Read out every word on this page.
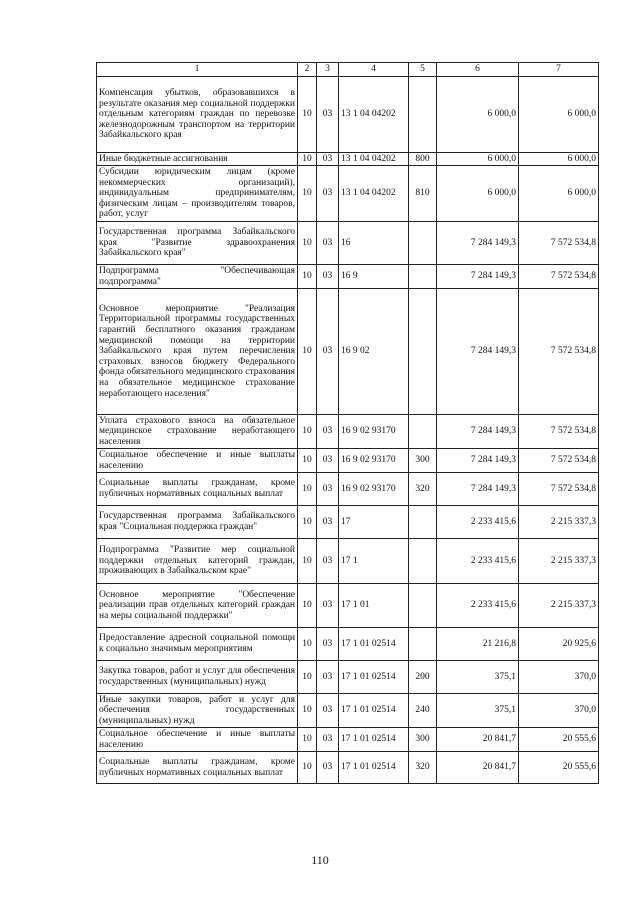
1	2	3	4	5	6	7
Компенсация убытков, образовавшихся в результате оказания мер социальной поддержки отдельным категориям граждан по перевозке железнодорожным транспортом на территории Забайкальского края	10	03	13 1 04 04202		6 000,0	6 000,0
Иные бюджетные ассигнования	10	03	13 1 04 04202	800	6 000,0	6 000,0
Субсидии юридическим лицам (кроме некоммерческих организаций), индивидуальным предпринимателям, физическим лицам – производителям товаров, работ, услуг	10	03	13 1 04 04202	810	6 000,0	6 000,0
Государственная программа Забайкальского края "Развитие здравоохранения Забайкальского края"	10	03	16		7 284 149,3	7 572 534,8
Подпрограмма "Обеспечивающая подпрограмма"	10	03	16 9		7 284 149,3	7 572 534,8
Основное мероприятие "Реализация Территориальной программы государственных гарантий бесплатного оказания гражданам медицинской помощи на территории Забайкальского края путем перечисления страховых взносов бюджету Федерального фонда обязательного медицинского страхования на обязательное медицинское страхование неработающего населения"	10	03	16 9 02		7 284 149,3	7 572 534,8
Уплата страхового взноса на обязательное медицинское страхование неработающего населения	10	03	16 9 02 93170		7 284 149,3	7 572 534,8
Социальное обеспечение и иные выплаты населению	10	03	16 9 02 93170	300	7 284 149,3	7 572 534,8
Социальные выплаты гражданам, кроме публичных нормативных социальных выплат	10	03	16 9 02 93170	320	7 284 149,3	7 572 534,8
Государственная программа Забайкальского края "Социальная поддержка граждан"	10	03	17		2 233 415,6	2 215 337,3
Подпрограмма "Развитие мер социальной поддержки отдельных категорий граждан, проживающих в Забайкальском крае"	10	03	17 1		2 233 415,6	2 215 337,3
Основное мероприятие "Обеспечение реализации прав отдельных категорий граждан на меры социальной поддержки"	10	03	17 1 01		2 233 415,6	2 215 337,3
Предоставление адресной социальной помощи к социально значимым мероприятиям	10	03	17 1 01 02514		21 216,8	20 925,6
Закупка товаров, работ и услуг для обеспечения государственных (муниципальных) нужд	10	03	17 1 01 02514	200	375,1	370,0
Иные закупки товаров, работ и услуг для обеспечения государственных (муниципальных) нужд	10	03	17 1 01 02514	240	375,1	370,0
Социальное обеспечение и иные выплаты населению	10	03	17 1 01 02514	300	20 841,7	20 555,6
Социальные выплаты гражданам, кроме публичных нормативных социальных выплат	10	03	17 1 01 02514	320	20 841,7	20 555,6
110
